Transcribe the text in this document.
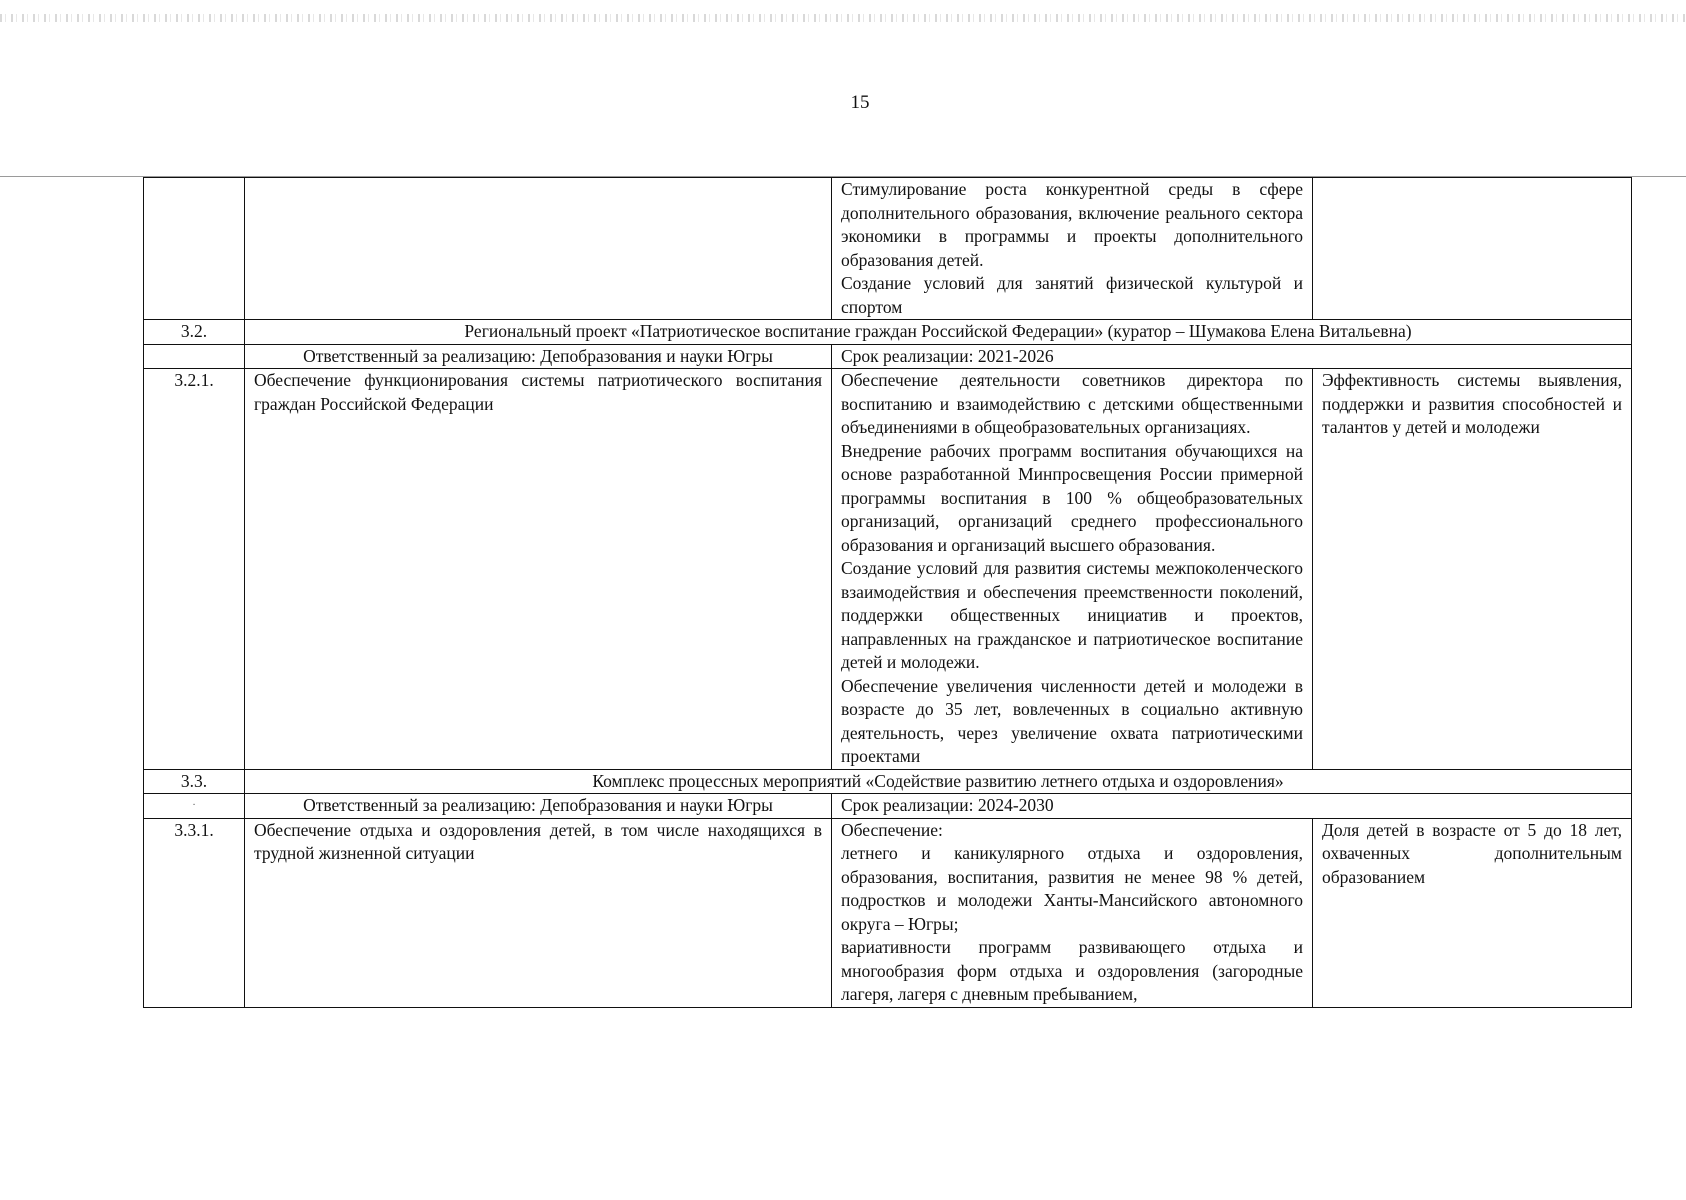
15

		Стимулирование роста конкурентной среды в сфере дополнительного образования, включение реального сектора экономики в программы и проекты дополнительного образования детей.
Создание условий для занятий физической культурой и спортом	

3.2.	Региональный проект «Патриотическое воспитание граждан Российской Федерации» (куратор – Шумакова Елена Витальевна)		
	Ответственный за реализацию: Депобразования и науки Югры	Срок реализации: 2021-2026	
3.2.1.	Обеспечение функционирования системы патриотического воспитания граждан Российской Федерации	Обеспечение деятельности советников директора по воспитанию и взаимодействию с детскими общественными объединениями в общеобразовательных организациях.
Внедрение рабочих программ воспитания обучающихся на основе разработанной Минпросвещения России примерной программы воспитания в 100 % общеобразовательных организаций, организаций среднего профессионального образования и организаций высшего образования.
Создание условий для развития системы межпоколенческого взаимодействия и обеспечения преемственности поколений, поддержки общественных инициатив и проектов, направленных на гражданское и патриотическое воспитание детей и молодежи.
Обеспечение увеличения численности детей и молодежи в возрасте до 35 лет, вовлеченных в социально активную деятельность, через увеличение охвата патриотическими проектами	Эффективность системы выявления, поддержки и развития способностей и талантов у детей и молодежи
3.3.	Комплекс процессных мероприятий «Содействие развитию летнего отдыха и оздоровления»		

·	Ответственный за реализацию: Депобразования и науки Югры	Срок реализации: 2024-2030	
3.3.1.	Обеспечение отдыха и оздоровления детей, в том числе находящихся в трудной жизненной ситуации	Обеспечение:
летнего и каникулярного отдыха и оздоровления, образования, воспитания, развития не менее 98 % детей, подростков и молодежи Ханты-Мансийского автономного округа – Югры;
вариативности программ развивающего отдыха и многообразия форм отдыха и оздоровления (загородные лагеря, лагеря с дневным пребыванием,	Доля детей в возрасте от 5 до 18 лет, охваченных дополнительным образованием
